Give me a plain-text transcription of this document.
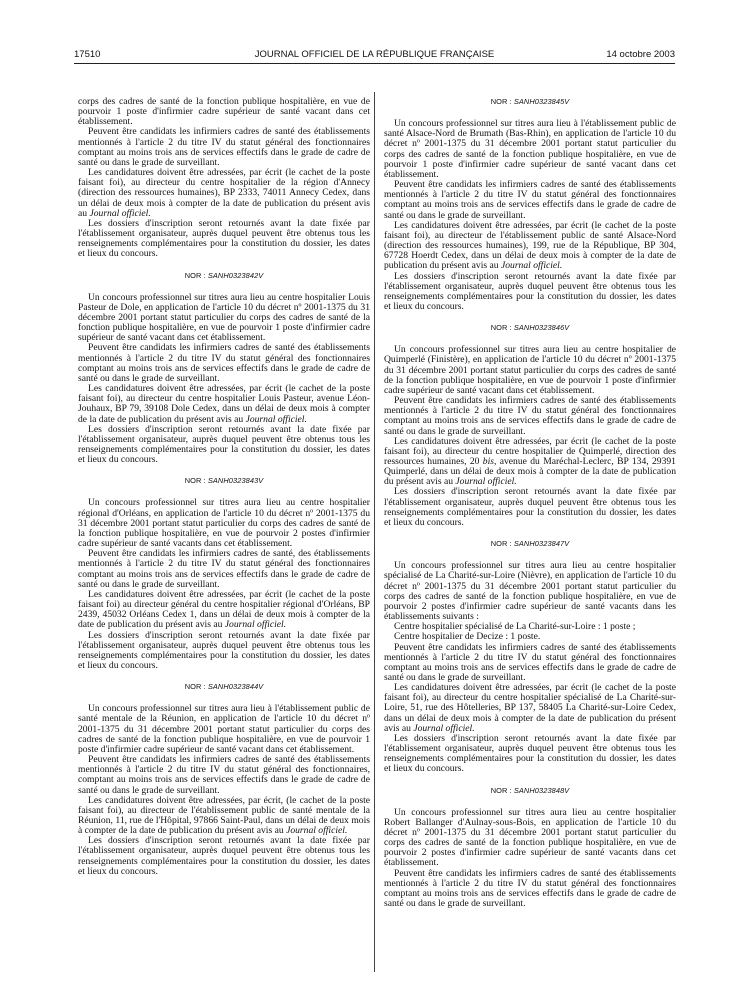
17510	JOURNAL OFFICIEL DE LA RÉPUBLIQUE FRANÇAISE	14 octobre 2003

corps des cadres de santé de la fonction publique hospitalière, en vue de pourvoir 1 poste d'infirmier cadre supérieur de santé vacant dans cet établissement.

Peuvent être candidats les infirmiers cadres de santé des établissements mentionnés à l'article 2 du titre IV du statut général des fonctionnaires comptant au moins trois ans de services effectifs dans le grade de cadre de santé ou dans le grade de surveillant.

Les candidatures doivent être adressées, par écrit (le cachet de la poste faisant foi), au directeur du centre hospitalier de la région d'Annecy (direction des ressources humaines), BP 2333, 74011 Annecy Cedex, dans un délai de deux mois à compter de la date de publication du présent avis au Journal officiel.

Les dossiers d'inscription seront retournés avant la date fixée par l'établissement organisateur, auprès duquel peuvent être obtenus tous les renseignements complémentaires pour la constitution du dossier, les dates et lieux du concours.

NOR : SANH0323842V

Un concours professionnel sur titres aura lieu au centre hospitalier Louis Pasteur de Dole, en application de l'article 10 du décret nº 2001-1375 du 31 décembre 2001 portant statut particulier du corps des cadres de santé de la fonction publique hospitalière, en vue de pourvoir 1 poste d'infirmier cadre supérieur de santé vacant dans cet établissement.

Peuvent être candidats les infirmiers cadres de santé des établissements mentionnés à l'article 2 du titre IV du statut général des fonctionnaires comptant au moins trois ans de services effectifs dans le grade de cadre de santé ou dans le grade de surveillant.

Les candidatures doivent être adressées, par écrit (le cachet de la poste faisant foi), au directeur du centre hospitalier Louis Pasteur, avenue Léon-Jouhaux, BP 79, 39108 Dole Cedex, dans un délai de deux mois à compter de la date de publication du présent avis au Journal officiel.

Les dossiers d'inscription seront retournés avant la date fixée par l'établissement organisateur, auprès duquel peuvent être obtenus tous les renseignements complémentaires pour la constitution du dossier, les dates et lieux du concours.

NOR : SANH0323843V

Un concours professionnel sur titres aura lieu au centre hospitalier régional d'Orléans, en application de l'article 10 du décret nº 2001-1375 du 31 décembre 2001 portant statut particulier du corps des cadres de santé de la fonction publique hospitalière, en vue de pourvoir 2 postes d'infirmier cadre supérieur de santé vacants dans cet établissement.

Peuvent être candidats les infirmiers cadres de santé, des établissements mentionnés à l'article 2 du titre IV du statut général des fonctionnaires comptant au moins trois ans de services effectifs dans le grade de cadre de santé ou dans le grade de surveillant.

Les candidatures doivent être adressées, par écrit (le cachet de la poste faisant foi) au directeur général du centre hospitalier régional d'Orléans, BP 2439, 45032 Orléans Cedex 1, dans un délai de deux mois à compter de la date de publication du présent avis au Journal officiel.

Les dossiers d'inscription seront retournés avant la date fixée par l'établissement organisateur, auprès duquel peuvent être obtenus tous les renseignements complémentaires pour la constitution du dossier, les dates et lieux du concours.

NOR : SANH0323844V

Un concours professionnel sur titres aura lieu à l'établissement public de santé mentale de la Réunion, en application de l'article 10 du décret nº 2001-1375 du 31 décembre 2001 portant statut particulier du corps des cadres de santé de la fonction publique hospitalière, en vue de pourvoir 1 poste d'infirmier cadre supérieur de santé vacant dans cet établissement.

Peuvent être candidats les infirmiers cadres de santé des établissements mentionnés à l'article 2 du titre IV du statut général des fonctionnaires, comptant au moins trois ans de services effectifs dans le grade de cadre de santé ou dans le grade de surveillant.

Les candidatures doivent être adressées, par écrit, (le cachet de la poste faisant foi), au directeur de l'établissement public de santé mentale de la Réunion, 11, rue de l'Hôpital, 97866 Saint-Paul, dans un délai de deux mois à compter de la date de publication du présent avis au Journal officiel.

Les dossiers d'inscription seront retournés avant la date fixée par l'établissement organisateur, auprès duquel peuvent être obtenus tous les renseignements complémentaires pour la constitution du dossier, les dates et lieux du concours.

NOR : SANH0323845V

Un concours professionnel sur titres aura lieu à l'établissement public de santé Alsace-Nord de Brumath (Bas-Rhin), en application de l'article 10 du décret nº 2001-1375 du 31 décembre 2001 portant statut particulier du corps des cadres de santé de la fonction publique hospitalière, en vue de pourvoir 1 poste d'infirmier cadre supérieur de santé vacant dans cet établissement.

Peuvent être candidats les infirmiers cadres de santé des établissements mentionnés à l'article 2 du titre IV du statut général des fonctionnaires comptant au moins trois ans de services effectifs dans le grade de cadre de santé ou dans le grade de surveillant.

Les candidatures doivent être adressées, par écrit (le cachet de la poste faisant foi), au directeur de l'établissement public de santé Alsace-Nord (direction des ressources humaines), 199, rue de la République, BP 304, 67728 Hoerdt Cedex, dans un délai de deux mois à compter de la date de publication du présent avis au Journal officiel.

Les dossiers d'inscription seront retournés avant la date fixée par l'établissement organisateur, auprès duquel peuvent être obtenus tous les renseignements complémentaires pour la constitution du dossier, les dates et lieux du concours.

NOR : SANH0323846V

Un concours professionnel sur titres aura lieu au centre hospitalier de Quimperlé (Finistère), en application de l'article 10 du décret nº 2001-1375 du 31 décembre 2001 portant statut particulier du corps des cadres de santé de la fonction publique hospitalière, en vue de pourvoir 1 poste d'infirmier cadre supérieur de santé vacant dans cet établissement.

Peuvent être candidats les infirmiers cadres de santé des établissements mentionnés à l'article 2 du titre IV du statut général des fonctionnaires comptant au moins trois ans de services effectifs dans le grade de cadre de santé ou dans le grade de surveillant.

Les candidatures doivent être adressées, par écrit (le cachet de la poste faisant foi), au directeur du centre hospitalier de Quimperlé, direction des ressources humaines, 20 bis, avenue du Maréchal-Leclerc, BP 134, 29391 Quimperlé, dans un délai de deux mois à compter de la date de publication du présent avis au Journal officiel.

Les dossiers d'inscription seront retournés avant la date fixée par l'établissement organisateur, auprès duquel peuvent être obtenus tous les renseignements complémentaires pour la constitution du dossier, les dates et lieux du concours.

NOR : SANH0323847V

Un concours professionnel sur titres aura lieu au centre hospitalier spécialisé de La Charité-sur-Loire (Nièvre), en application de l'article 10 du décret nº 2001-1375 du 31 décembre 2001 portant statut particulier du corps des cadres de santé de la fonction publique hospitalière, en vue de pourvoir 2 postes d'infirmier cadre supérieur de santé vacants dans les établissements suivants :

Centre hospitalier spécialisé de La Charité-sur-Loire : 1 poste ;

Centre hospitalier de Decize : 1 poste.

Peuvent être candidats les infirmiers cadres de santé des établissements mentionnés à l'article 2 du titre IV du statut général des fonctionnaires comptant au moins trois ans de services effectifs dans le grade de cadre de santé ou dans le grade de surveillant.

Les candidatures doivent être adressées, par écrit (le cachet de la poste faisant foi), au directeur du centre hospitalier spécialisé de La Charité-sur-Loire, 51, rue des Hôtelleries, BP 137, 58405 La Charité-sur-Loire Cedex, dans un délai de deux mois à compter de la date de publication du présent avis au Journal officiel.

Les dossiers d'inscription seront retournés avant la date fixée par l'établissement organisateur, auprès duquel peuvent être obtenus tous les renseignements complémentaires pour la constitution du dossier, les dates et lieux du concours.

NOR : SANH0323848V

Un concours professionnel sur titres aura lieu au centre hospitalier Robert Ballanger d'Aulnay-sous-Bois, en application de l'article 10 du décret nº 2001-1375 du 31 décembre 2001 portant statut particulier du corps des cadres de santé de la fonction publique hospitalière, en vue de pourvoir 2 postes d'infirmier cadre supérieur de santé vacants dans cet établissement.

Peuvent être candidats les infirmiers cadres de santé des établissements mentionnés à l'article 2 du titre IV du statut général des fonctionnaires comptant au moins trois ans de services effectifs dans le grade de cadre de santé ou dans le grade de surveillant.
